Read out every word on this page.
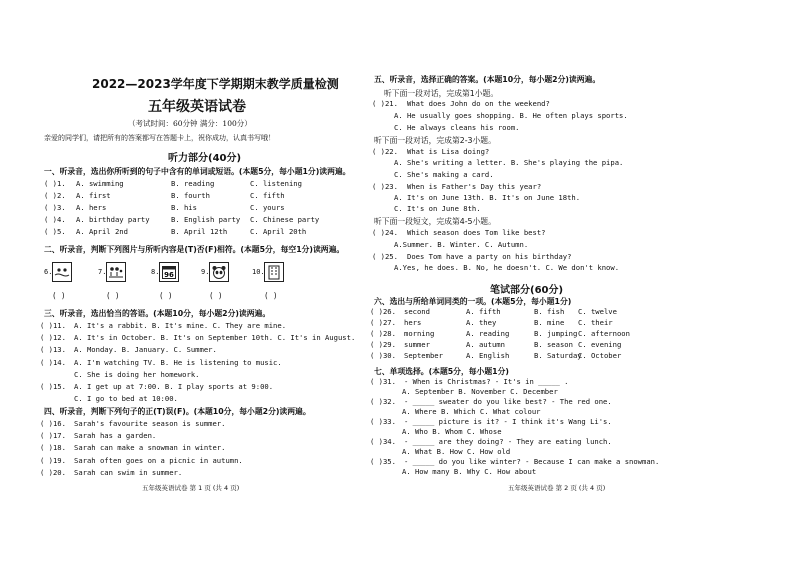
2022—2023学年度下学期期末教学质量检测
五年级英语试卷
（考试时间：60分钟 满分：100分）
亲爱的同学们，请把所有的答案都写在答题卡上，祝你成功，认真书写哦！
听力部分(40分)
一、听录音，选出你所听到的句子中含有的单词或短语。(本题5分，每小题1分)读两遍。
( )1. A. swimming	B. reading	C. listening
( )2. A. first	B. fourth	C. fifth
( )3. A. hers	B. his	C. yours
( )4. A. birthday party	B. English party C. Chinese party
( )5. A. April 2nd	B. April 12th	C. April 20th
二、听录音，判断下列图片与所听内容是(T)否(F)相符。(本题5分，每空1分)读两遍。
6.
( )
7.
( )
8. 96
( )
9.
( )
10.
( )
三、听录音，选出恰当的答语。(本题10分，每小题2分)读两遍。
( )11. A. It's a rabbit. B. It's mine. C. They are mine.
( )12. A. It's in October. B. It's on September 10th. C. It's in August.
( )13. A. Monday. B. January. C. Summer.
( )14. A. I'm watching TV. B. He is listening to music.
C. She is doing her homework.
( )15. A. I get up at 7:00. B. I play sports at 9:00.
C. I go to bed at 10:00.
四、听录音，判断下列句子的正(T)误(F)。(本题10分，每小题2分)读两遍。
( )16. Sarah's favourite season is summer.
( )17. Sarah has a garden.
( )18. Sarah can make a snowman in winter.
( )19. Sarah often goes on a picnic in autumn.
( )20. Sarah can swim in summer.
五年级英语试卷 第 1 页 (共 4 页)
五、听录音，选择正确的答案。(本题10分，每小题2分)读两遍。
听下面一段对话，完成第1小题。
( )21. What does John do on the weekend?
A. He usually goes shopping. B. He often plays sports.
C. He always cleans his room.
听下面一段对话，完成第2-3小题。
( )22. What is Lisa doing?
A. She's writing a letter. B. She's playing the pipa.
C. She's making a card.
( )23. When is Father's Day this year?
A. It's on June 13th. B. It's on June 18th.
C. It's on June 8th.
听下面一段短文，完成第4-5小题。
( )24. Which season does Tom like best?
A.Summer. B. Winter. C. Autumn.
( )25. Does Tom have a party on his birthday?
A.Yes, he does. B. No, he doesn't. C. We don't know.
笔试部分(60分)
六、选出与所给单词同类的一项。(本题5分，每小题1分)
( )26. second	A. fifth	B. fish C. twelve
( )27. hers	A. they	B. mine C. their
( )28. morning	A. reading	B. jumping C. afternoon
( )29. summer	A. autumn	B. season C. evening
( )30. September	A. English	B. Saturday
C. October
七、单项选择。(本题5分，每小题1分)
( )31. - When is Christmas? - It's in _____ .
A. September B. November C. December
( )32. - _____ sweater do you like best? - The red one.
A. Where B. Which C. What colour
( )33. - _____ picture is it? - I think it's Wang Li's.
A. Who B. Whom C. Whose
( )34. - _____ are they doing? - They are eating lunch.
A. What B. How C. How old
( )35. - _____ do you like winter? - Because I can make a snowman.
A. How many B. Why C. How about
五年级英语试卷 第 2 页 (共 4 页)
